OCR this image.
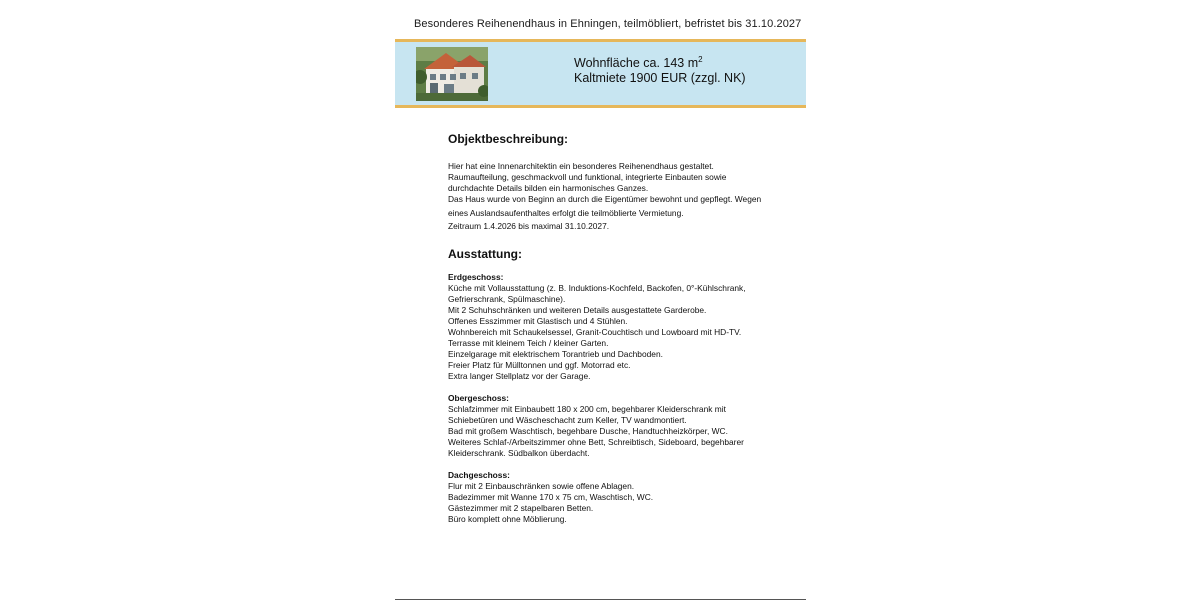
Besonderes Reihenendhaus in Ehningen, teilmöbliert, befristet bis 31.10.2027
Wohnfläche ca. 143 $m^2$
Kaltmiete 1900 EUR (zzgl. NK)
Objektbeschreibung:
Hier hat eine Innenarchitektin ein besonderes Reihenendhaus gestaltet.
Raumaufteilung, geschmackvoll und funktional, integrierte Einbauten sowie
durchdachte Details bilden ein harmonisches Ganzes.
Das Haus wurde von Beginn an durch die Eigentümer bewohnt und gepflegt. Wegen
eines Auslandsaufenthaltes erfolgt die teilmöblierte Vermietung.
Zeitraum 1.4.2026 bis maximal 31.10.2027.
Ausstattung:
Erdgeschoss:
Küche mit Vollausstattung (z. B. Induktions-Kochfeld, Backofen, 0°-Kühlschrank,
Gefrierschrank, Spülmaschine).
Mit 2 Schuhschränken und weiteren Details ausgestattete Garderobe.
Offenes Esszimmer mit Glastisch und 4 Stühlen.
Wohnbereich mit Schaukelsessel, Granit-Couchtisch und Lowboard mit HD-TV.
Terrasse mit kleinem Teich / kleiner Garten.
Einzelgarage mit elektrischem Torantrieb und Dachboden.
Freier Platz für Mülltonnen und ggf. Motorrad etc.
Extra langer Stellplatz vor der Garage.
Obergeschoss:
Schlafzimmer mit Einbaubett 180 x 200 cm, begehbarer Kleiderschrank mit
Schiebetüren und Wäscheschacht zum Keller, TV wandmontiert.
Bad mit großem Waschtisch, begehbare Dusche, Handtuchheizkörper, WC.
Weiteres Schlaf-/Arbeitszimmer ohne Bett, Schreibtisch, Sideboard, begehbarer
Kleiderschrank. Südbalkon überdacht.
Dachgeschoss:
Flur mit 2 Einbauschränken sowie offene Ablagen.
Badezimmer mit Wanne 170 x 75 cm, Waschtisch, WC.
Gästezimmer mit 2 stapelbaren Betten.
Büro komplett ohne Möblierung.
